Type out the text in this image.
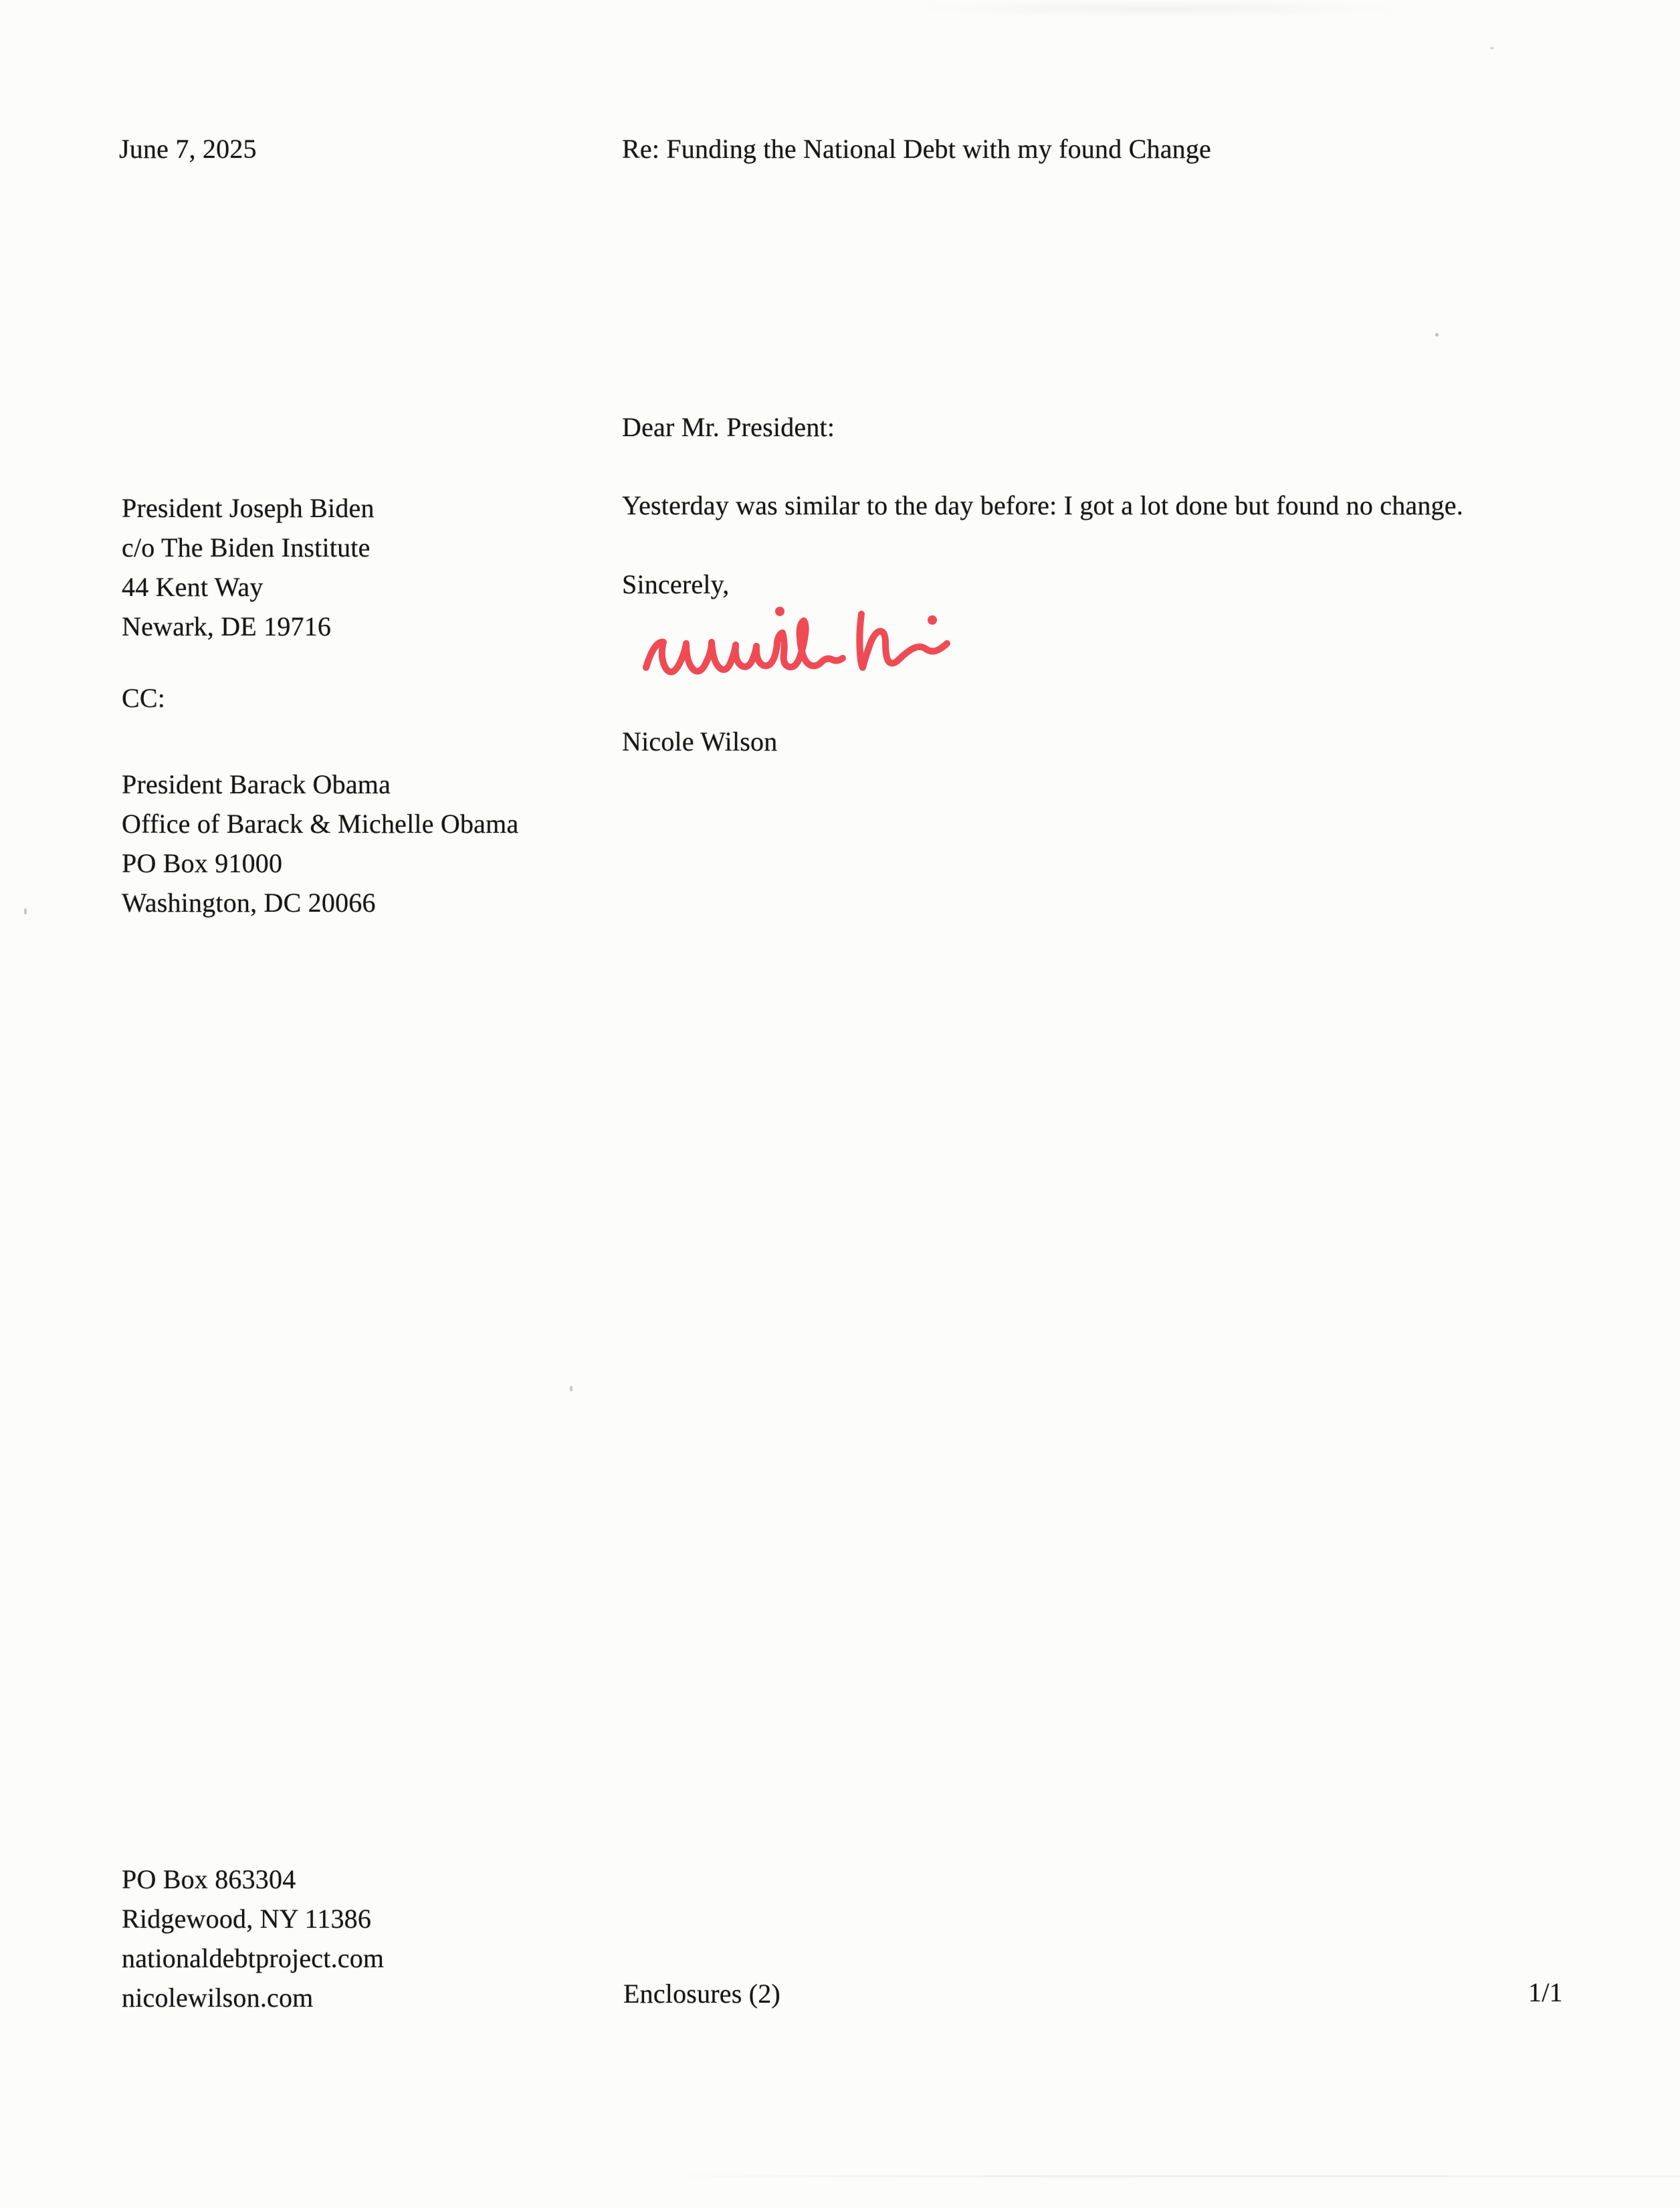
June 7, 2025	Re: Funding the National Debt with my found Change
President Joseph Biden
c/o The Biden Institute
44 Kent Way
Newark, DE 19716
CC:
President Barack Obama
Office of Barack & Michelle Obama
PO Box 91000
Washington, DC 20066
Dear Mr. President:
Yesterday was similar to the day before: I got a lot done but found no change.
Sincerely,
Nicole Wilson
PO Box 863304
Ridgewood, NY 11386
nationaldebtproject.com
nicolewilson.com	Enclosures (2)	1/1
